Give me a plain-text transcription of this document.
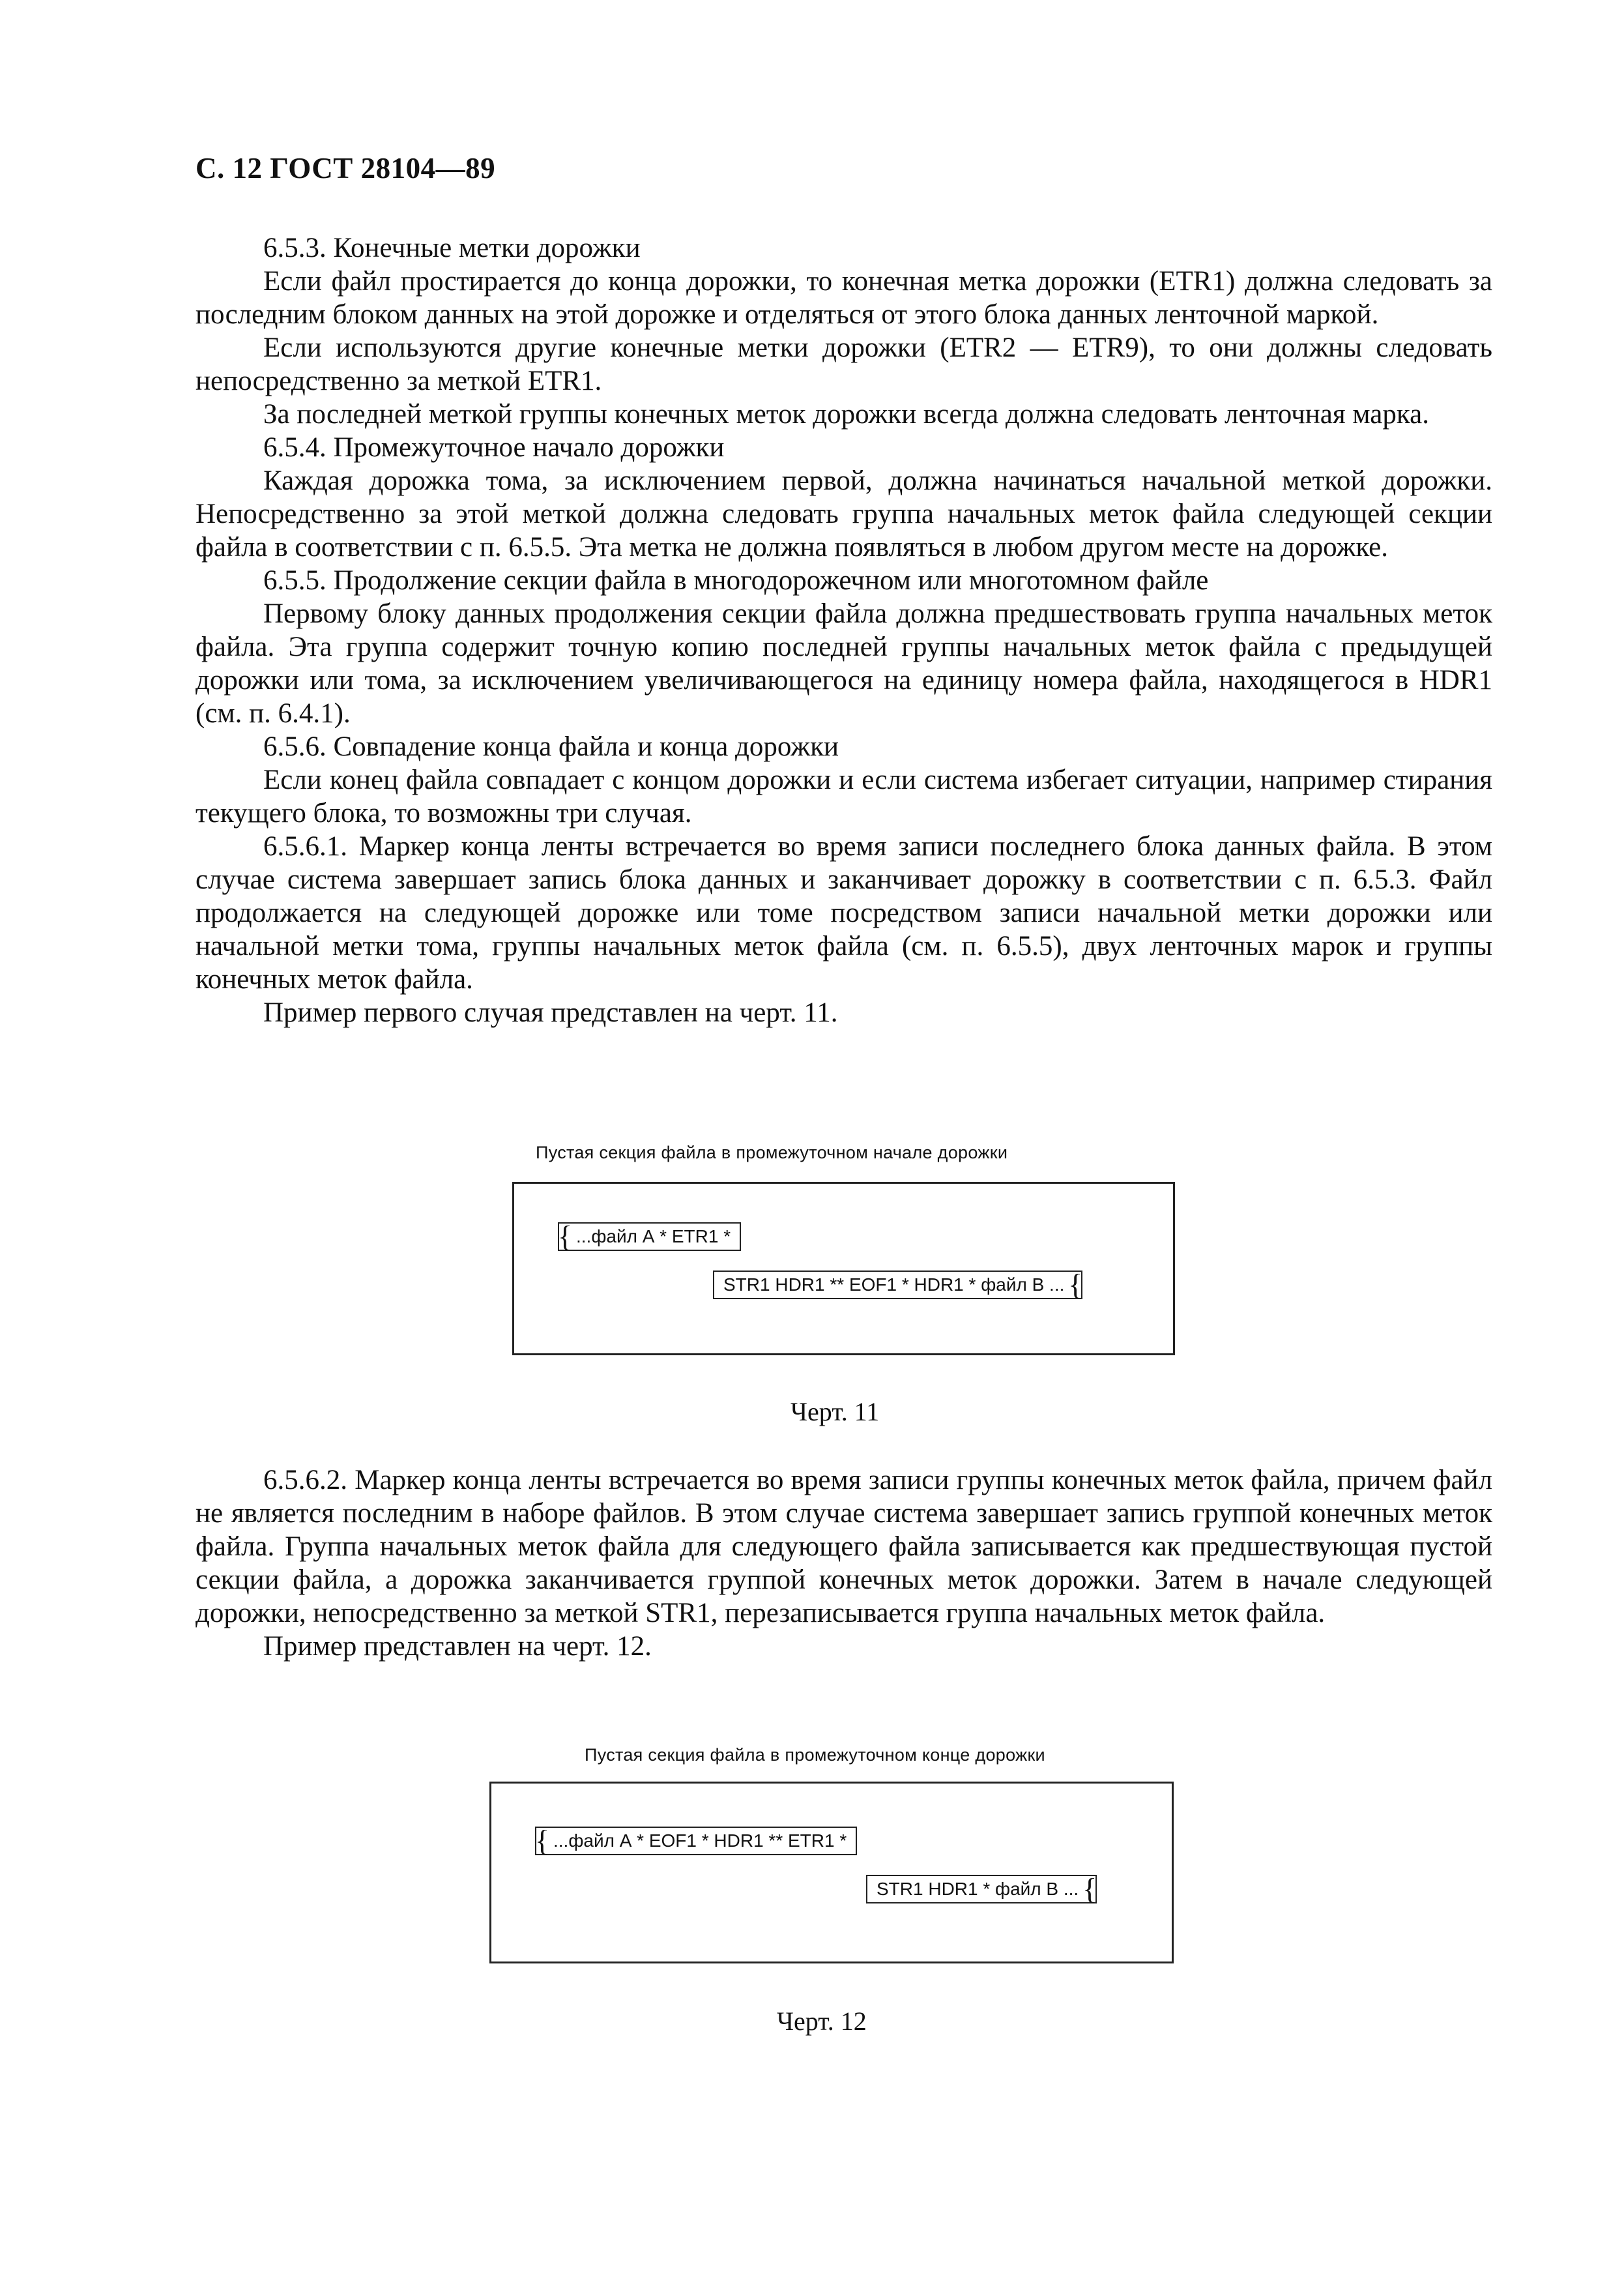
С. 12 ГОСТ 28104—89

6.5.3. Конечные метки дорожки

Если файл простирается до конца дорожки, то конечная метка дорожки (ETR1) должна следовать за последним блоком данных на этой дорожке и отделяться от этого блока данных ленточной маркой.

Если используются другие конечные метки дорожки (ETR2 — ETR9), то они должны следовать непосредственно за меткой ETR1.

За последней меткой группы конечных меток дорожки всегда должна следовать ленточная марка.

6.5.4. Промежуточное начало дорожки

Каждая дорожка тома, за исключением первой, должна начинаться начальной меткой дорожки. Непосредственно за этой меткой должна следовать группа начальных меток файла следующей секции файла в соответствии с п. 6.5.5. Эта метка не должна появляться в любом другом месте на дорожке.

6.5.5. Продолжение секции файла в многодорожечном или многотомном файле

Первому блоку данных продолжения секции файла должна предшествовать группа начальных меток файла. Эта группа содержит точную копию последней группы начальных меток файла с предыдущей дорожки или тома, за исключением увеличивающегося на единицу номера файла, находящегося в HDR1 (см. п. 6.4.1).

6.5.6. Совпадение конца файла и конца дорожки

Если конец файла совпадает с концом дорожки и если система избегает ситуации, например стирания текущего блока, то возможны три случая.

6.5.6.1. Маркер конца ленты встречается во время записи последнего блока данных файла. В этом случае система завершает запись блока данных и заканчивает дорожку в соответствии с п. 6.5.3. Файл продолжается на следующей дорожке или томе посредством записи начальной метки дорожки или начальной метки тома, группы начальных меток файла (см. п. 6.5.5), двух ленточных марок и группы конечных меток файла.

Пример первого случая представлен на черт. 11.

Пустая секция файла в промежуточном начале дорожки
{ ...файл А * ETR1 *
STR1 HDR1 ** EOF1 * HDR1 * файл В ... {
Черт. 11

6.5.6.2. Маркер конца ленты встречается во время записи группы конечных меток файла, причем файл не является последним в наборе файлов. В этом случае система завершает запись группой конечных меток файла. Группа начальных меток файла для следующего файла записывается как предшествующая пустой секции файла, а дорожка заканчивается группой конечных меток дорожки. Затем в начале следующей дорожки, непосредственно за меткой STR1, перезаписывается группа начальных меток файла.

Пример представлен на черт. 12.

Пустая секция файла в промежуточном конце дорожки
{ ...файл А * EOF1 * HDR1 ** ETR1 *
STR1 HDR1 * файл В ... {
Черт. 12
